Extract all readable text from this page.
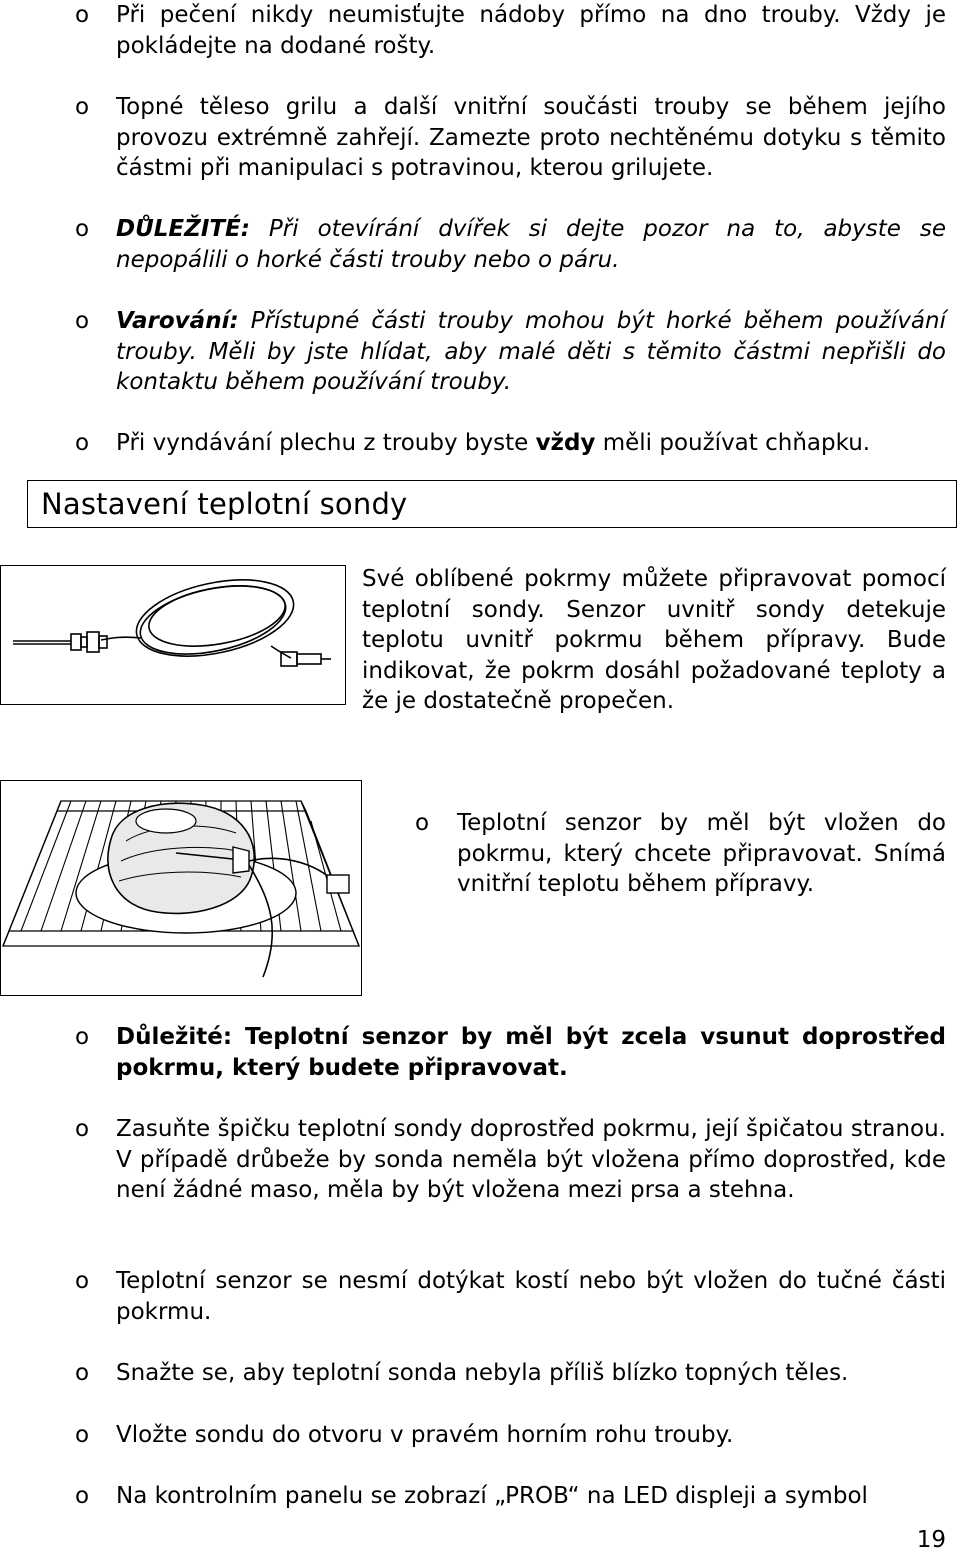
o Při pečení nikdy neumisťujte nádoby přímo na dno trouby. Vždy je pokládejte na dodané rošty.

o Topné těleso grilu a další vnitřní součásti trouby se během jejího provozu extrémně zahřejí. Zamezte proto nechtěnému dotyku s těmito částmi při manipulaci s potravinou, kterou grilujete.

o DŮLEŽITÉ: Při otevírání dvířek si dejte pozor na to, abyste se nepopálili o horké části trouby nebo o páru.

o Varování: Přístupné části trouby mohou být horké během používání trouby. Měli by jste hlídat, aby malé děti s těmito částmi nepřišli do kontaktu během používání trouby.

o Při vyndávání plechu z trouby byste vždy měli používat chňapku.

Nastavení teplotní sondy

Své oblíbené pokrmy můžete připravovat pomocí teplotní sondy. Senzor uvnitř sondy detekuje teplotu uvnitř pokrmu během přípravy. Bude indikovat, že pokrm dosáhl požadované teploty a že je dostatečně propečen.

o Teplotní senzor by měl být vložen do pokrmu, který chcete připravovat. Snímá vnitřní teplotu během přípravy.

o Důležité: Teplotní senzor by měl být zcela vsunut doprostřed pokrmu, který budete připravovat.

o Zasuňte špičku teplotní sondy doprostřed pokrmu, její špičatou stranou. V případě drůbeže by sonda neměla být vložena přímo doprostřed, kde není žádné maso, měla by být vložena mezi prsa a stehna.

o Teplotní senzor se nesmí dotýkat kostí nebo být vložen do tučné části pokrmu.

o Snažte se, aby teplotní sonda nebyla příliš blízko topných těles.

o Vložte sondu do otvoru v pravém horním rohu trouby.

o Na kontrolním panelu se zobrazí „PROB“ na LED displeji a symbol

19
